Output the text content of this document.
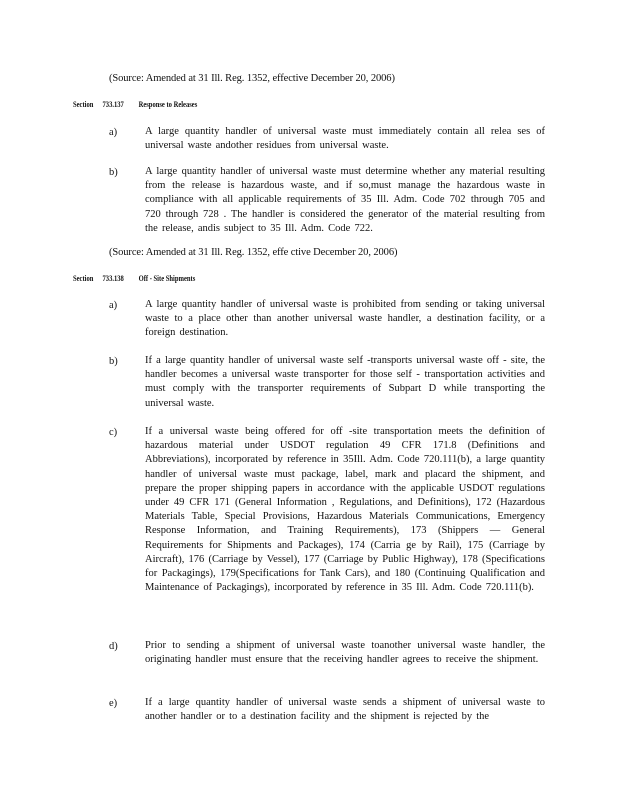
(Source: Amended at 31 Ill. Reg. 1352, effective December 20, 2006)
Section 733.137 Response to Releases
a)	A large quantity handler of universal waste must immediately contain all relea ses of universal waste andother residues from universal waste.
b)	A large quantity handler of universal waste must determine whether any material resulting from the release is hazardous waste, and if so,must manage the hazardous waste in compliance with all applicable requirements of 35 Ill. Adm. Code 702 through 705 and 720 through 728 . The handler is considered the generator of the material resulting from the release, andis subject to 35 Ill. Adm. Code 722.
(Source: Amended at 31 Ill. Reg. 1352, effe ctive December 20, 2006)
Section 733.138 Off - Site Shipments
a)	A large quantity handler of universal waste is prohibited from sending or taking universal waste to a place other than another universal waste handler, a destination facility, or a foreign destination.
b)	If a large quantity handler of universal waste self -transports universal waste off - site, the handler becomes a universal waste transporter for those self - transportation activities and must comply with the transporter requirements of Subpart D while transporting the universal waste.
c)	If a universal waste being offered for off -site transportation meets the definition of hazardous material under USDOT regulation 49 CFR 171.8 (Definitions and Abbreviations), incorporated by reference in 35Ill. Adm. Code 720.111(b), a large quantity handler of universal waste must package, label, mark and placard the shipment, and prepare the proper shipping papers in accordance with the applicable USDOT regulations under 49 CFR 171 (General Information , Regulations, and Definitions), 172 (Hazardous Materials Table, Special Provisions, Hazardous Materials Communications, Emergency Response Information, and Training Requirements), 173 (Shippers — General Requirements for Shipments and Packages), 174 (Carria ge by Rail), 175 (Carriage by Aircraft), 176 (Carriage by Vessel), 177 (Carriage by Public Highway), 178 (Specifications for Packagings), 179(Specifications for Tank Cars), and 180 (Continuing Qualification and Maintenance of Packagings), incorporated by reference in 35 Ill. Adm. Code 720.111(b).
d)	Prior to sending a shipment of universal waste toanother universal waste handler, the originating handler must ensure that the receiving handler agrees to receive the shipment.
e)	If a large quantity handler of universal waste sends a shipment of universal waste to another handler or to a destination facility and the shipment is rejected by the
